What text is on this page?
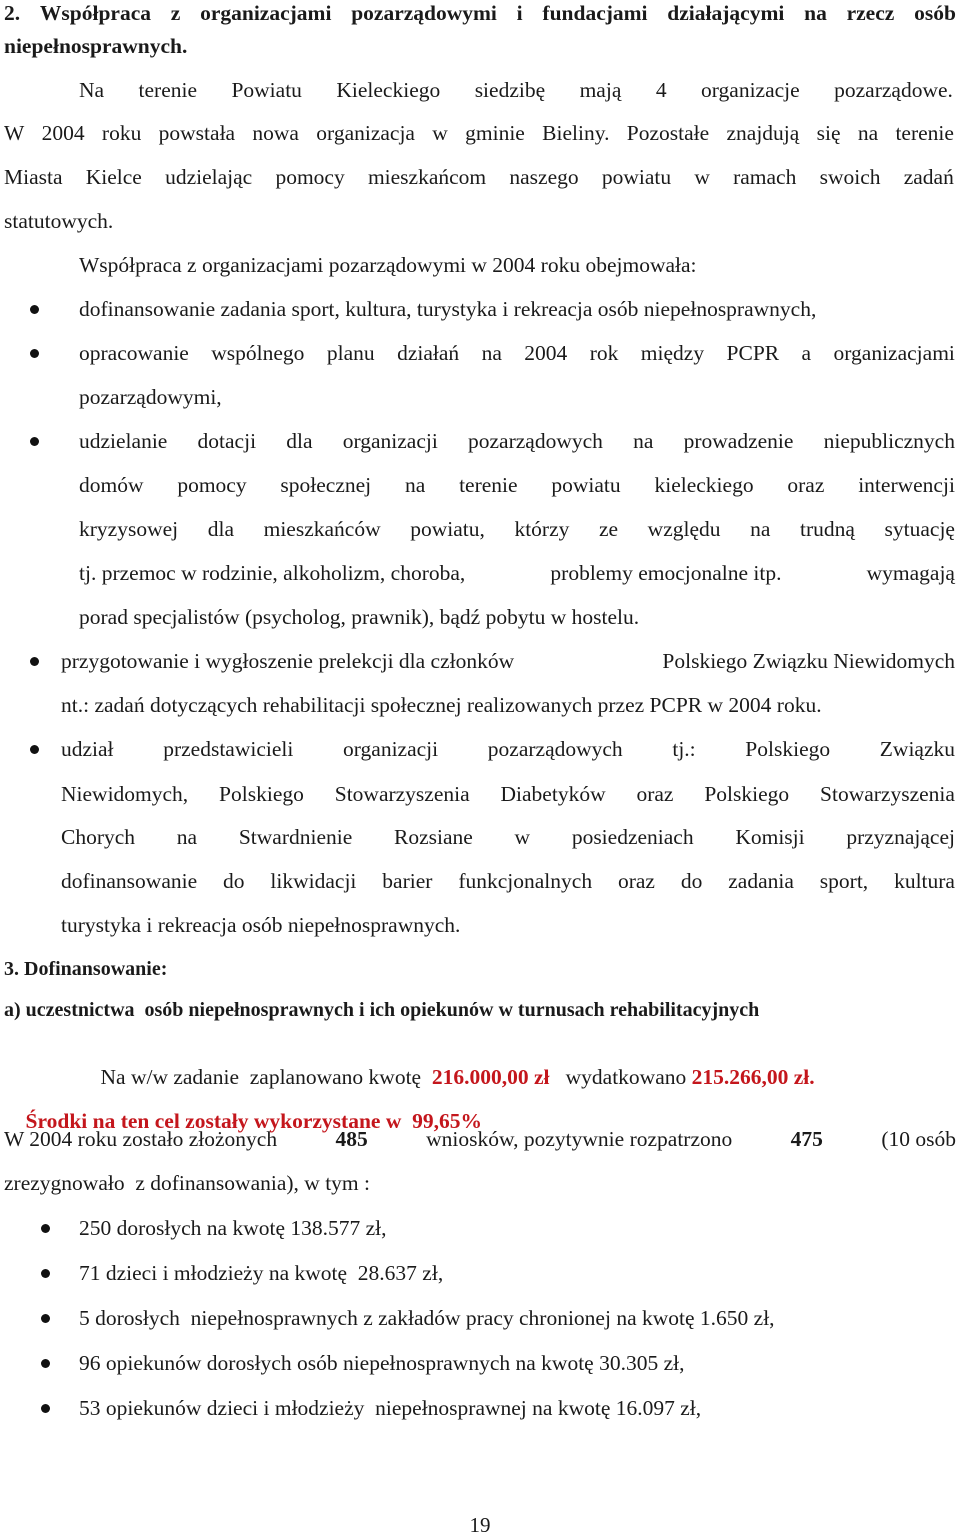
2. Współpraca z organizacjami pozarządowymi i fundacjami działającymi na rzecz osób
niepełnosprawnych.
Na terenie Powiatu Kieleckiego siedzibę mają 4 organizacje pozarządowe.
W 2004 roku powstała nowa organizacja w gminie Bieliny. Pozostałe znajdują się na terenie
Miasta Kielce udzielając pomocy mieszkańcom naszego powiatu w ramach swoich zadań
statutowych.
Współpraca z organizacjami pozarządowymi w 2004 roku obejmowała:
dofinansowanie zadania sport, kultura, turystyka i rekreacja osób niepełnosprawnych,
opracowanie wspólnego planu działań na 2004 rok między PCPR a organizacjami
pozarządowymi,
udzielanie dotacji dla organizacji pozarządowych na prowadzenie niepublicznych
domów pomocy społecznej na terenie powiatu kieleckiego oraz interwencji
kryzysowej dla mieszkańców powiatu, którzy ze względu na trudną sytuację
tj. przemoc w rodzinie, alkoholizm, choroba,	problemy emocjonalne itp.	wymagają
porad specjalistów (psycholog, prawnik), bądź pobytu w hostelu.
przygotowanie i wygłoszenie prelekcji dla członków	Polskiego Związku Niewidomych
nt.: zadań dotyczących rehabilitacji społecznej realizowanych przez PCPR w 2004 roku.
udział przedstawicieli organizacji pozarządowych tj.: Polskiego Związku
Niewidomych, Polskiego Stowarzyszenia Diabetyków oraz Polskiego Stowarzyszenia
Chorych na Stwardnienie Rozsiane w posiedzeniach Komisji przyznającej
dofinansowanie do likwidacji barier funkcjonalnych oraz do zadania sport, kultura
turystyka i rekreacja osób niepełnosprawnych.
3. Dofinansowanie:
a) uczestnictwa  osób niepełnosprawnych i ich opiekunów w turnusach rehabilitacyjnych

Na w/w zadanie  zaplanowano kwotę 216.000,00 zł wydatkowano 215.266,00 zł.

Środki na ten cel zostały wykorzystane w 99,65%

W 2004 roku zostało złożonych	485	wniosków, pozytywnie rozpatrzono	475	(10 osób
zrezygnowało  z dofinansowania), w tym :
250 dorosłych na kwotę 138.577 zł,
71 dzieci i młodzieży na kwotę  28.637 zł,
5 dorosłych  niepełnosprawnych z zakładów pracy chronionej na kwotę 1.650 zł,
96 opiekunów dorosłych osób niepełnosprawnych na kwotę 30.305 zł,
53 opiekunów dzieci i młodzieży  niepełnosprawnej na kwotę 16.097 zł,
19
